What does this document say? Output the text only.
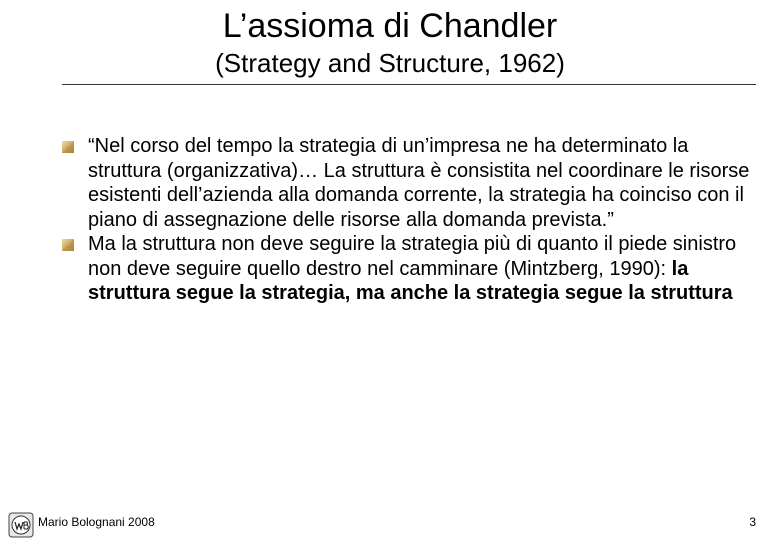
L’assioma di Chandler
(Strategy and Structure, 1962)
“Nel corso del tempo la strategia di un’impresa ne ha determinato la struttura (organizzativa)… La struttura è consistita nel coordinare le risorse esistenti dell’azienda alla domanda corrente, la strategia ha coinciso con il piano di assegnazione delle risorse alla domanda prevista.”
Ma la struttura non deve seguire la strategia più di quanto il piede sinistro non deve seguire quello destro nel camminare (Mintzberg, 1990): la struttura segue la strategia, ma anche la strategia segue la struttura
Mario Bolognani 2008	3
